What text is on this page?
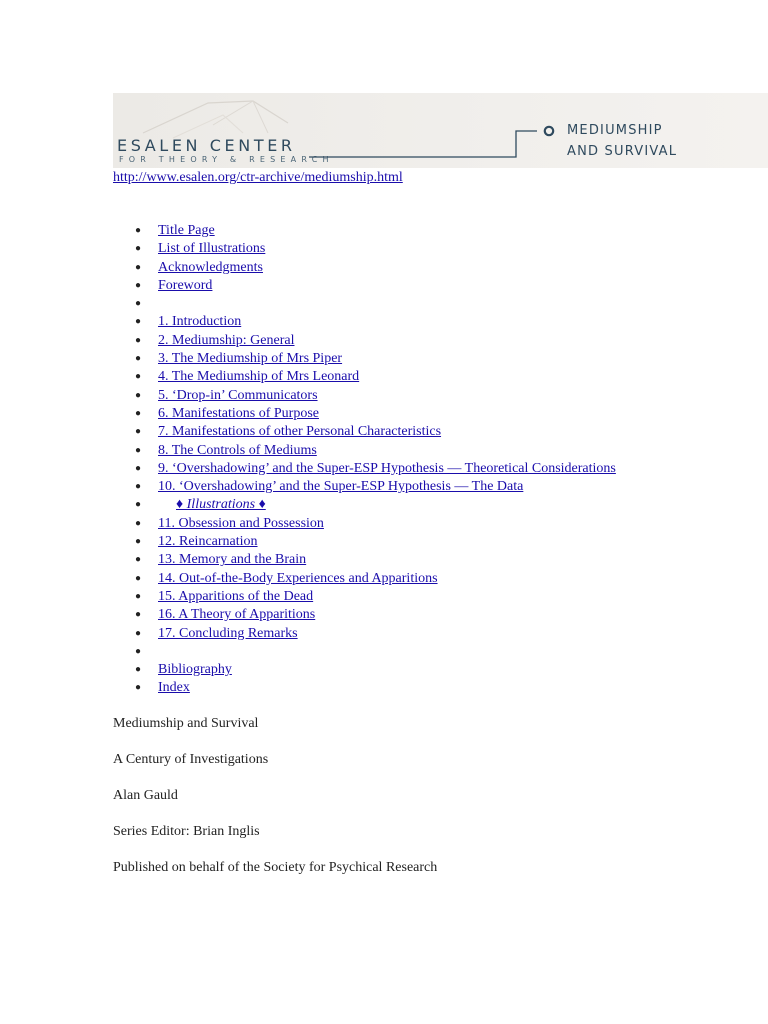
ESALEN CENTER
FOR THEORY & RESEARCH
MEDIUMSHIP
AND SURVIVAL
http://www.esalen.org/ctr-archive/mediumship.html
● Title Page
● List of Illustrations
● Acknowledgments
● Foreword
●
● 1. Introduction
● 2. Mediumship: General
● 3. The Mediumship of Mrs Piper
● 4. The Mediumship of Mrs Leonard
● 5. ‘Drop-in’ Communicators
● 6. Manifestations of Purpose
● 7. Manifestations of other Personal Characteristics
● 8. The Controls of Mediums
● 9. ‘Overshadowing’ and the Super-ESP Hypothesis — Theoretical Considerations
● 10. ‘Overshadowing’ and the Super-ESP Hypothesis — The Data
● ♦ Illustrations ♦
● 11. Obsession and Possession
● 12. Reincarnation
● 13. Memory and the Brain
● 14. Out-of-the-Body Experiences and Apparitions
● 15. Apparitions of the Dead
● 16. A Theory of Apparitions
● 17. Concluding Remarks
●
● Bibliography
● Index

Mediumship and Survival

A Century of Investigations

Alan Gauld

Series Editor: Brian Inglis

Published on behalf of the Society for Psychical Research
